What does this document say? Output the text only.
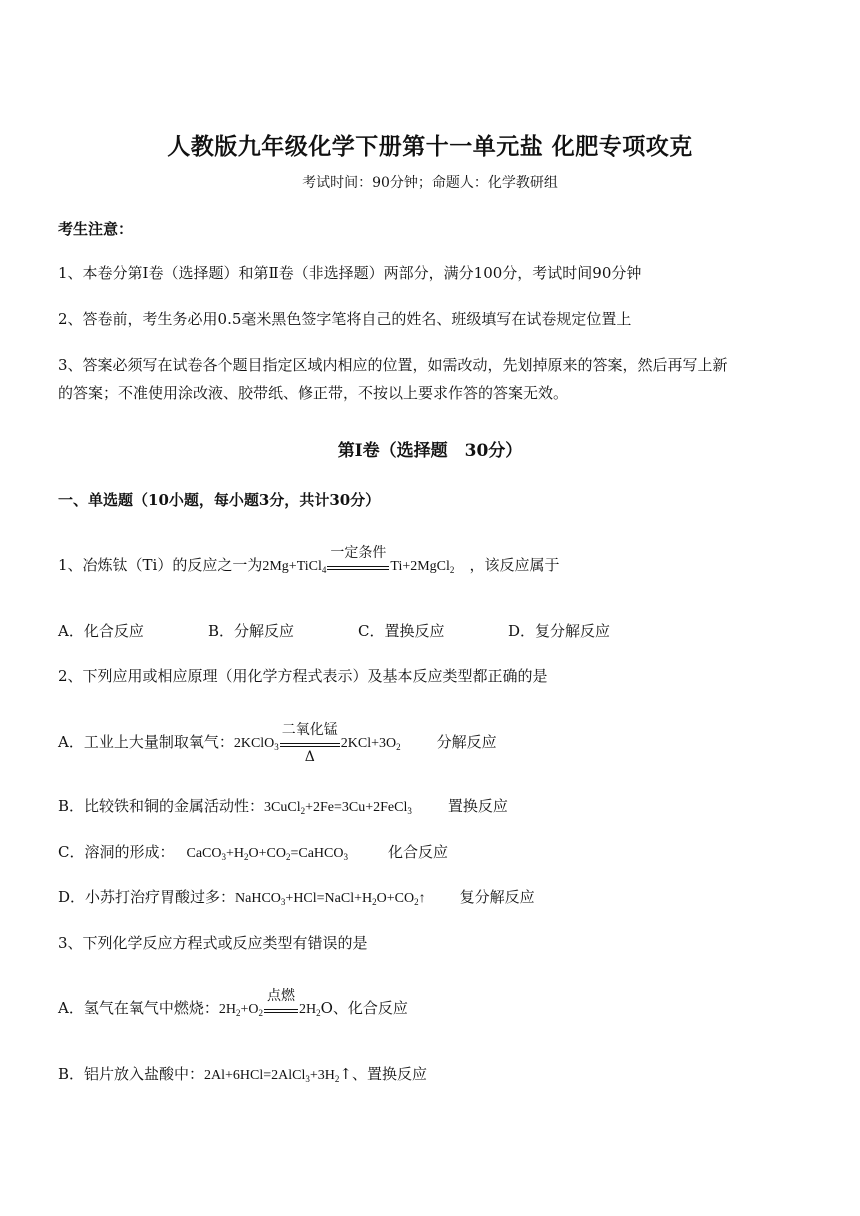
人教版九年级化学下册第十一单元盐 化肥专项攻克
考试时间：90分钟；命题人：化学教研组
考生注意：
1、本卷分第Ⅰ卷（选择题）和第Ⅱ卷（非选择题）两部分，满分100分，考试时间90分钟
2、答卷前，考生务必用0.5毫米黑色签字笔将自己的姓名、班级填写在试卷规定位置上
3、答案必须写在试卷各个题目指定区域内相应的位置，如需改动，先划掉原来的答案，然后再写上新
的答案；不准使用涂改液、胶带纸、修正带，不按以上要求作答的答案无效。
第Ⅰ卷（选择题　30分）
一、单选题（10小题，每小题3分，共计30分）
1、冶炼钛（Ti）的反应之一为2Mg+TiCl$_4$
一定条件
Ti+2MgCl$_2$　 ，该反应属于
A．化合反应	B．分解反应	C．置换反应	D．复分解反应
2、下列应用或相应原理（用化学方程式表示）及基本反应类型都正确的是
A．工业上大量制取氧气：2KClO$_3$
二氧化锰
Δ
$2KCl+3O_2$ 分解反应
B．比较铁和铜的金属活动性：3CuCl$_2$+2Fe=3Cu+2FeCl$_3$ 置换反应
C．溶洞的形成： $CaCO_3+H_2O+CO_2=CaHCO_3$	化合反应
D．小苏打治疗胃酸过多：$NaHCO_3+HCl=NaCl+H_2O+CO_2↑$ 复分解反应
3、下列化学反应方程式或反应类型有错误的是
A．氢气在氧气中燃烧：$2H_2+O_2$
点燃
$2H_2O$、化合反应
B．铝片放入盐酸中：$2Al+6HCl=2AlCl_3+3H_2↑$、置换反应
